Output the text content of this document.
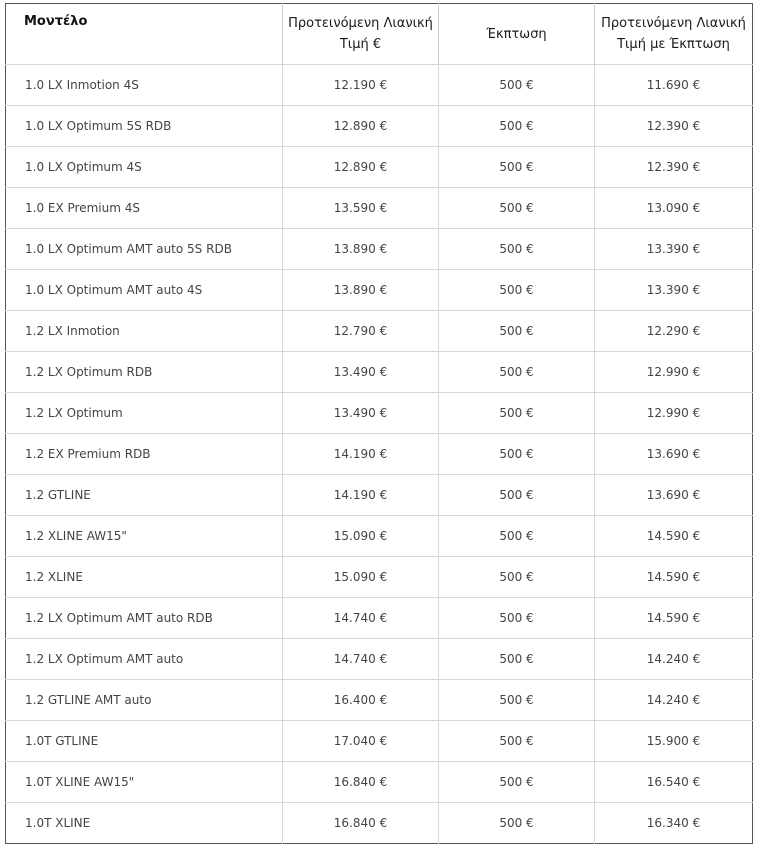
Μοντέλο	Προτεινόμενη Λιανική Τιμή €	Έκπτωση	Προτεινόμενη Λιανική Τιμή με Έκπτωση
1.0 LX Inmotion 4S	12.190 €	500 €	11.690 €
1.0 LX Optimum 5S RDB	12.890 €	500 €	12.390 €
1.0 LX Optimum 4S	12.890 €	500 €	12.390 €
1.0 EX Premium 4S	13.590 €	500 €	13.090 €
1.0 LX Optimum AMT auto 5S RDB	13.890 €	500 €	13.390 €
1.0 LX Optimum AMT auto 4S	13.890 €	500 €	13.390 €
1.2 LX Inmotion	12.790 €	500 €	12.290 €
1.2 LX Optimum RDB	13.490 €	500 €	12.990 €
1.2 LX Optimum	13.490 €	500 €	12.990 €
1.2 EX Premium RDB	14.190 €	500 €	13.690 €
1.2 GTLINE	14.190 €	500 €	13.690 €
1.2 XLINE AW15"	15.090 €	500 €	14.590 €
1.2 XLINE	15.090 €	500 €	14.590 €
1.2 LX Optimum AMT auto RDB	14.740 €	500 €	14.590 €
1.2 LX Optimum AMT auto	14.740 €	500 €	14.240 €
1.2 GTLINE AMT auto	16.400 €	500 €	14.240 €
1.0T GTLINE	17.040 €	500 €	15.900 €
1.0T XLINE AW15"	16.840 €	500 €	16.540 €
1.0T XLINE	16.840 €	500 €	16.340 €
